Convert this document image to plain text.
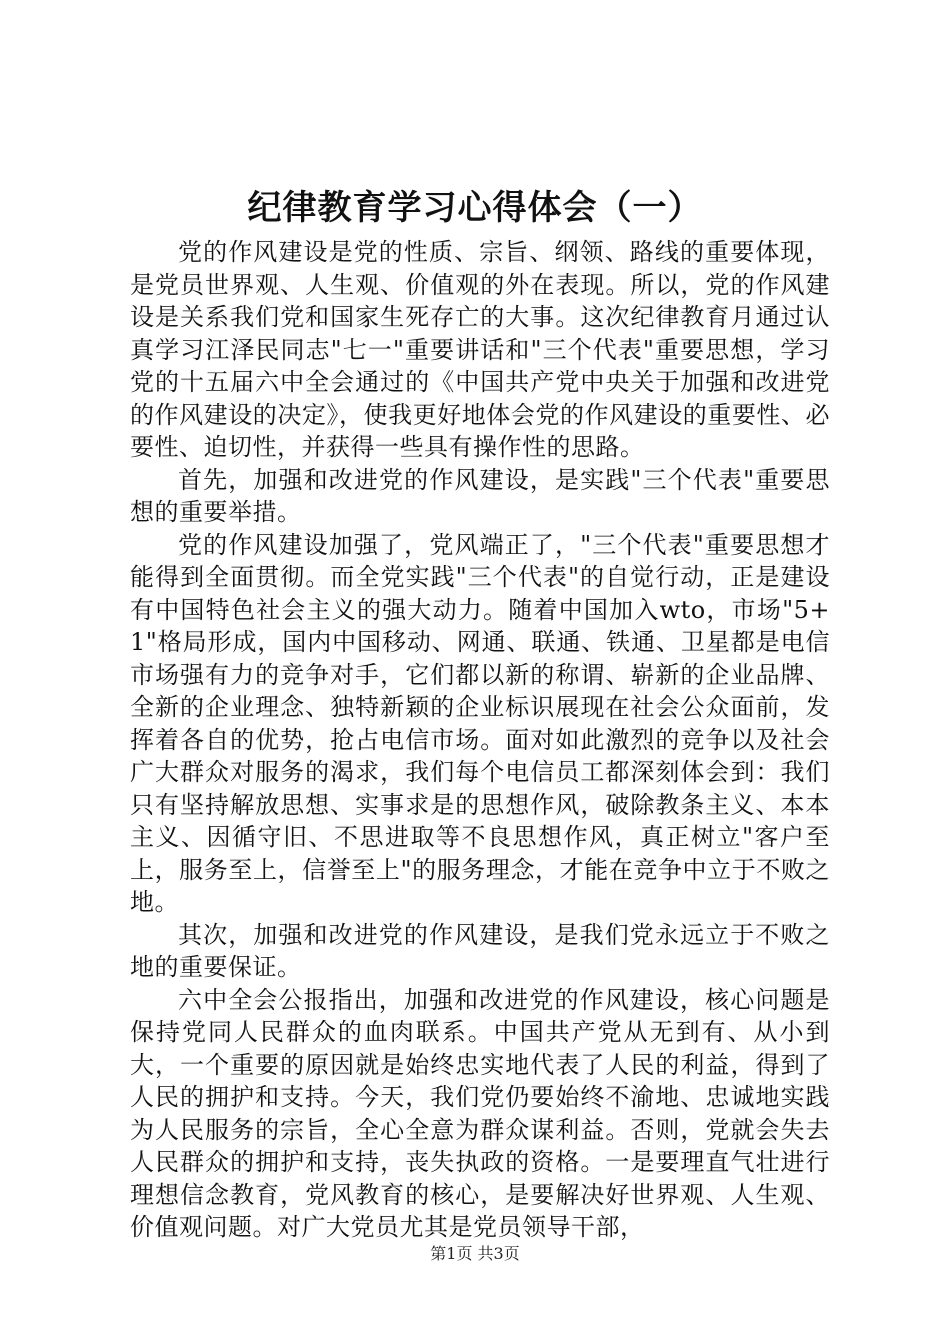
纪律教育学习心得体会（一）

党的作风建设是党的性质、宗旨、纲领、路线的重要体现，是党员世界观、人生观、价值观的外在表现。所以，党的作风建设是关系我们党和国家生死存亡的大事。这次纪律教育月通过认真学习江泽民同志"七一"重要讲话和"三个代表"重要思想，学习党的十五届六中全会通过的《中国共产党中央关于加强和改进党的作风建设的决定》，使我更好地体会党的作风建设的重要性、必要性、迫切性，并获得一些具有操作性的思路。

首先，加强和改进党的作风建设，是实践"三个代表"重要思想的重要举措。

党的作风建设加强了，党风端正了，"三个代表"重要思想才能得到全面贯彻。而全党实践"三个代表"的自觉行动，正是建设有中国特色社会主义的强大动力。随着中国加入wto，市场"5+1"格局形成，国内中国移动、网通、联通、铁通、卫星都是电信市场强有力的竞争对手，它们都以新的称谓、崭新的企业品牌、全新的企业理念、独特新颖的企业标识展现在社会公众面前，发挥着各自的优势，抢占电信市场。面对如此激烈的竞争以及社会广大群众对服务的渴求，我们每个电信员工都深刻体会到：我们只有坚持解放思想、实事求是的思想作风，破除教条主义、本本主义、因循守旧、不思进取等不良思想作风，真正树立"客户至上，服务至上，信誉至上"的服务理念，才能在竞争中立于不败之地。

其次，加强和改进党的作风建设，是我们党永远立于不败之地的重要保证。

六中全会公报指出，加强和改进党的作风建设，核心问题是保持党同人民群众的血肉联系。中国共产党从无到有、从小到大，一个重要的原因就是始终忠实地代表了人民的利益，得到了人民的拥护和支持。今天，我们党仍要始终不渝地、忠诚地实践为人民服务的宗旨，全心全意为群众谋利益。否则，党就会失去人民群众的拥护和支持，丧失执政的资格。一是要理直气壮进行理想信念教育，党风教育的核心，是要解决好世界观、人生观、价值观问题。对广大党员尤其是党员领导干部，

第1页 共3页
